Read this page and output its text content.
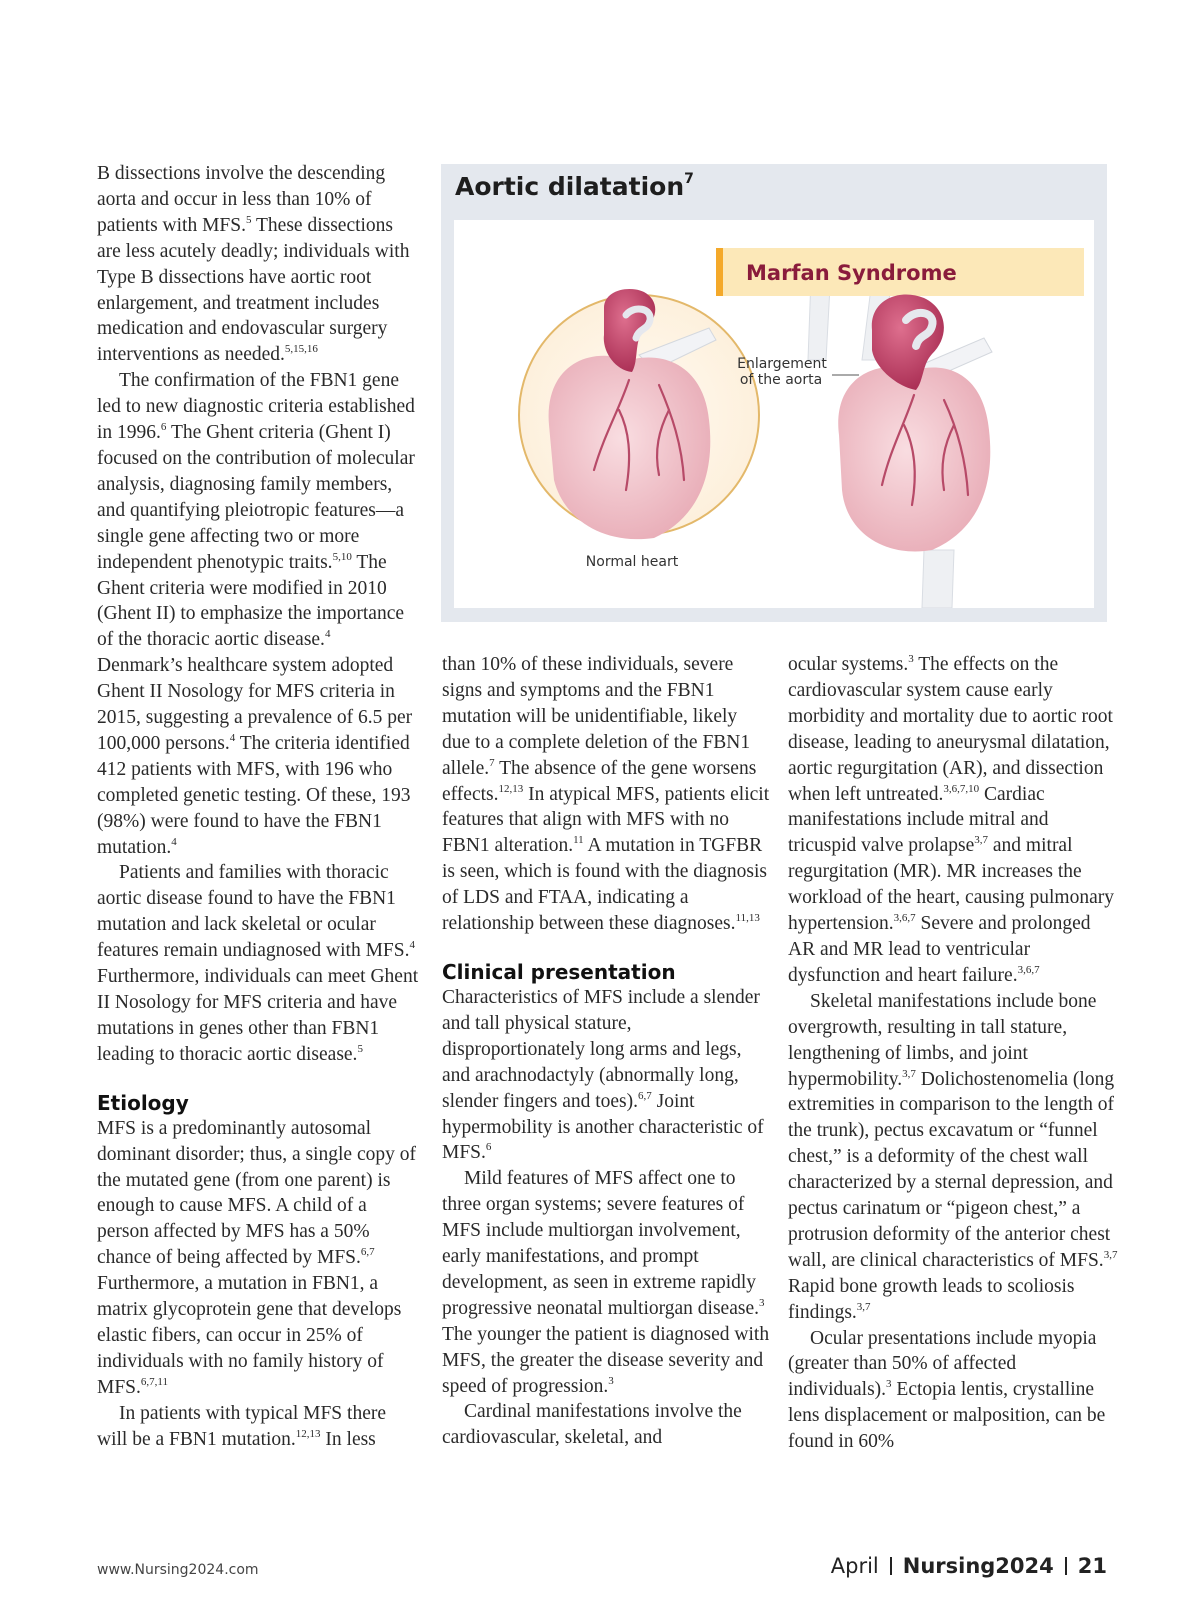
B dissections involve the descending aorta and occur in less than 10% of patients with MFS.$^5$ These dissections are less acutely deadly; individuals with Type B dissections have aortic root enlargement, and treatment includes medication and endovascular surgery interventions as needed.$^{5,15,16}$

The confirmation of the FBN1 gene led to new diagnostic criteria established in 1996.$^6$ The Ghent criteria (Ghent I) focused on the contribution of molecular analysis, diagnosing family members, and quantifying pleiotropic features—a single gene affecting two or more independent phenotypic traits.$^{5,10}$ The Ghent criteria were modified in 2010 (Ghent II) to emphasize the importance of the thoracic aortic disease.$^4$ Denmark’s healthcare system adopted Ghent II Nosology for MFS criteria in 2015, suggesting a prevalence of 6.5 per 100,000 persons.$^4$ The criteria identified 412 patients with MFS, with 196 who completed genetic testing. Of these, 193 (98%) were found to have the FBN1 mutation.$^4$

Patients and families with thoracic aortic disease found to have the FBN1 mutation and lack skeletal or ocular features remain undiagnosed with MFS.$^4$ Furthermore, individuals can meet Ghent II Nosology for MFS criteria and have mutations in genes other than FBN1 leading to thoracic aortic disease.$^5$

Etiology

MFS is a predominantly autosomal dominant disorder; thus, a single copy of the mutated gene (from one parent) is enough to cause MFS. A child of a person affected by MFS has a 50% chance of being affected by MFS.$^{6,7}$ Furthermore, a mutation in FBN1, a matrix glycoprotein gene that develops elastic fibers, can occur in 25% of individuals with no family history of MFS.$^{6,7,11}$

In patients with typical MFS there will be a FBN1 mutation.$^{12,13}$ In less

Aortic dilatation$^7$
Marfan Syndrome
Enlargement
of the aorta
Normal heart

than 10% of these individuals, severe signs and symptoms and the FBN1 mutation will be unidentifiable, likely due to a complete deletion of the FBN1 allele.$^7$ The absence of the gene worsens effects.$^{12,13}$ In atypical MFS, patients elicit features that align with MFS with no FBN1 alteration.$^{11}$ A mutation in TGFBR is seen, which is found with the diagnosis of LDS and FTAA, indicating a relationship between these diagnoses.$^{11,13}$

Clinical presentation

Characteristics of MFS include a slender and tall physical stature, disproportionately long arms and legs, and arachnodactyly (abnormally long, slender fingers and toes).$^{6,7}$ Joint hypermobility is another characteristic of MFS.$^6$

Mild features of MFS affect one to three organ systems; severe features of MFS include multiorgan involvement, early manifestations, and prompt development, as seen in extreme rapidly progressive neonatal multiorgan disease.$^3$ The younger the patient is diagnosed with MFS, the greater the disease severity and speed of progression.$^3$

Cardinal manifestations involve the cardiovascular, skeletal, and

ocular systems.$^3$ The effects on the cardiovascular system cause early morbidity and mortality due to aortic root disease, leading to aneurysmal dilatation, aortic regurgitation (AR), and dissection when left untreated.$^{3,6,7,10}$ Cardiac manifestations include mitral and tricuspid valve prolapse$^{3,7}$ and mitral regurgitation (MR). MR increases the workload of the heart, causing pulmonary hypertension.$^{3,6,7}$ Severe and prolonged AR and MR lead to ventricular dysfunction and heart failure.$^{3,6,7}$

Skeletal manifestations include bone overgrowth, resulting in tall stature, lengthening of limbs, and joint hypermobility.$^{3,7}$ Dolichostenomelia (long extremities in comparison to the length of the trunk), pectus excavatum or “funnel chest,” is a deformity of the chest wall characterized by a sternal depression, and pectus carinatum or “pigeon chest,” a protrusion deformity of the anterior chest wall, are clinical characteristics of MFS.$^{3,7}$ Rapid bone growth leads to scoliosis findings.$^{3,7}$

Ocular presentations include myopia (greater than 50% of affected individuals).$^3$ Ectopia lentis, crystalline lens displacement or malposition, can be found in 60%

www.Nursing2024.com	April Nursing2024 21
